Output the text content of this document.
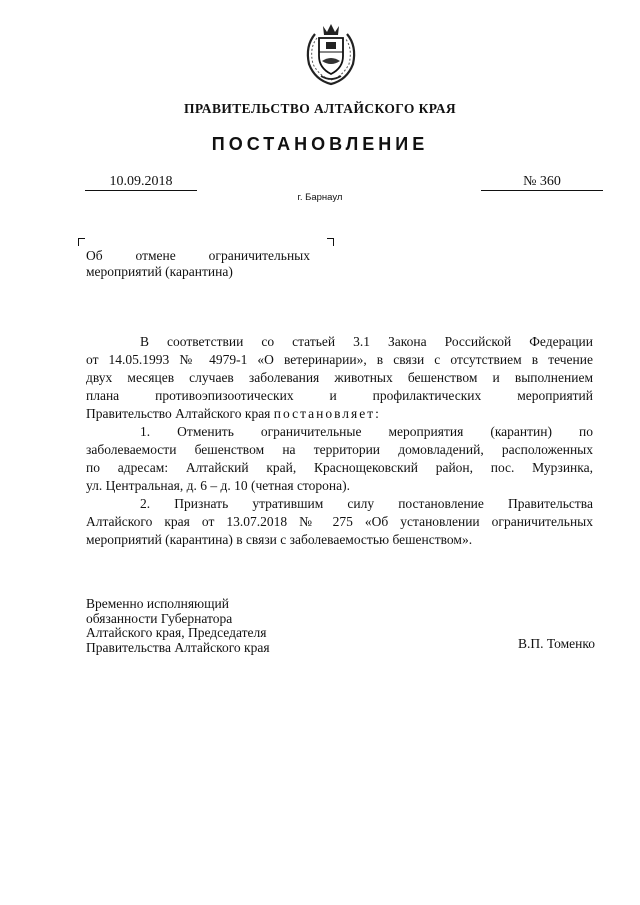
ПРАВИТЕЛЬСТВО АЛТАЙСКОГО КРАЯ
ПОСТАНОВЛЕНИЕ
10.09.2018	№ 360
г. Барнаул
Об отмене ограничительных
мероприятий (карантина)
В соответствии со статьей 3.1 Закона Российской Федерации
от 14.05.1993 № 4979-1 «О ветеринарии», в связи с отсутствием в течение
двух месяцев случаев заболевания животных бешенством и выполнением
плана противоэпизоотических и профилактических мероприятий
Правительство Алтайского края постановляет:
1. Отменить ограничительные мероприятия (карантин) по
заболеваемости бешенством на территории домовладений, расположенных
по адресам: Алтайский край, Краснощековский район, пос. Мурзинка,
ул. Центральная, д. 6 – д. 10 (четная сторона).
2. Признать утратившим силу постановление Правительства
Алтайского края от 13.07.2018 № 275 «Об установлении ограничительных
мероприятий (карантина) в связи с заболеваемостью бешенством».
Временно исполняющий
обязанности Губернатора
Алтайского края, Председателя
Правительства Алтайского края	В.П. Томенко
